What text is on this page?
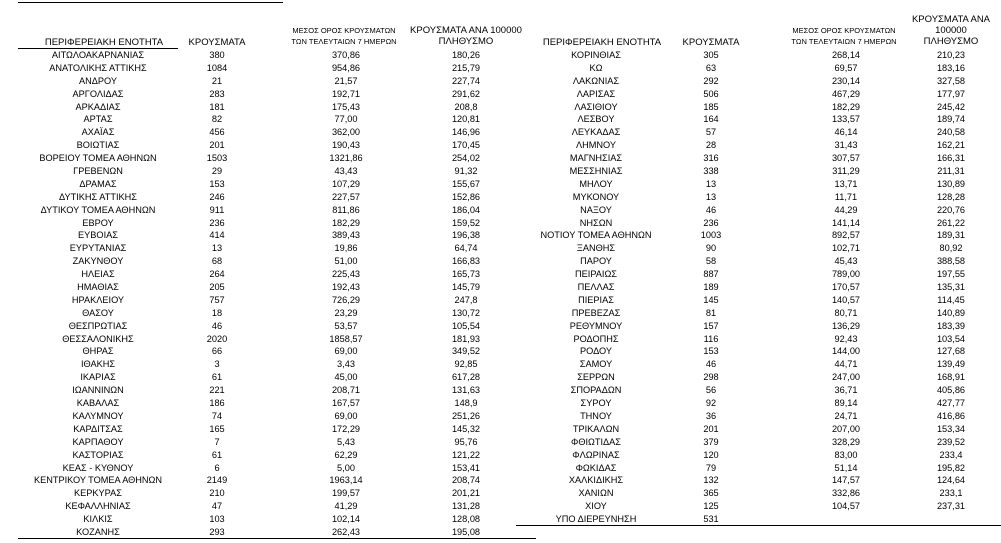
ΠΕΡΙΦΕΡΕΙΑΚΗ ΕΝΟΤΗΤΑ	ΚΡΟΥΣΜΑΤΑ
ΜΕΣΟΣ ΟΡΟΣ ΚΡΟΥΣΜΑΤΩΝ
ΤΩΝ ΤΕΛΕΥΤΑΙΩΝ 7 ΗΜΕΡΩΝ
ΚΡΟΥΣΜΑΤΑ ΑΝΑ 100000
ΠΛΗΘΥΣΜΟ
ΑΙΤΩΛΟΑΚΑΡΝΑΝΙΑΣ	380	370,86	180,26
ΑΝΑΤΟΛΙΚΗΣ ΑΤΤΙΚΗΣ	1084	954,86	215,79
ΑΝΔΡΟΥ	21	21,57	227,74
ΑΡΓΟΛΙΔΑΣ	283	192,71	291,62
ΑΡΚΑΔΙΑΣ	181	175,43	208,8
ΑΡΤΑΣ	82	77,00	120,81
ΑΧΑΪΑΣ	456	362,00	146,96
ΒΟΙΩΤΙΑΣ	201	190,43	170,45
ΒΟΡΕΙΟΥ ΤΟΜΕΑ ΑΘΗΝΩΝ	1503	1321,86	254,02
ΓΡΕΒΕΝΩΝ	29	43,43	91,32
ΔΡΑΜΑΣ	153	107,29	155,67
ΔΥΤΙΚΗΣ ΑΤΤΙΚΗΣ	246	227,57	152,86
ΔΥΤΙΚΟΥ ΤΟΜΕΑ ΑΘΗΝΩΝ	911	811,86	186,04
ΕΒΡΟΥ	236	182,29	159,52
ΕΥΒΟΙΑΣ	414	389,43	196,38
ΕΥΡΥΤΑΝΙΑΣ	13	19,86	64,74
ΖΑΚΥΝΘΟΥ	68	51,00	166,83
ΗΛΕΙΑΣ	264	225,43	165,73
ΗΜΑΘΙΑΣ	205	192,43	145,79
ΗΡΑΚΛΕΙΟΥ	757	726,29	247,8
ΘΑΣΟΥ	18	23,29	130,72
ΘΕΣΠΡΩΤΙΑΣ	46	53,57	105,54
ΘΕΣΣΑΛΟΝΙΚΗΣ	2020	1858,57	181,93
ΘΗΡΑΣ	66	69,00	349,52
ΙΘΑΚΗΣ	3	3,43	92,85
ΙΚΑΡΙΑΣ	61	45,00	617,28
ΙΩΑΝΝΙΝΩΝ	221	208,71	131,63
ΚΑΒΑΛΑΣ	186	167,57	148,9
ΚΑΛΥΜΝΟΥ	74	69,00	251,26
ΚΑΡΔΙΤΣΑΣ	165	172,29	145,32
ΚΑΡΠΑΘΟΥ	7	5,43	95,76
ΚΑΣΤΟΡΙΑΣ	61	62,29	121,22
ΚΕΑΣ - ΚΥΘΝΟΥ	6	5,00	153,41
ΚΕΝΤΡΙΚΟΥ ΤΟΜΕΑ ΑΘΗΝΩΝ	2149	1963,14	208,74
ΚΕΡΚΥΡΑΣ	210	199,57	201,21
ΚΕΦΑΛΛΗΝΙΑΣ	47	41,29	131,28
ΚΙΛΚΙΣ	103	102,14	128,08
ΚΟΖΑΝΗΣ	293	262,43	195,08
ΠΕΡΙΦΕΡΕΙΑΚΗ ΕΝΟΤΗΤΑ	ΚΡΟΥΣΜΑΤΑ
ΜΕΣΟΣ ΟΡΟΣ ΚΡΟΥΣΜΑΤΩΝ
ΤΩΝ ΤΕΛΕΥΤΑΙΩΝ 7 ΗΜΕΡΩΝ
ΚΡΟΥΣΜΑΤΑ ΑΝΑ 100000
ΠΛΗΘΥΣΜΟ
ΚΟΡΙΝΘΙΑΣ	305	268,14	210,23
ΚΩ	63	69,57	183,16
ΛΑΚΩΝΙΑΣ	292	230,14	327,58
ΛΑΡΙΣΑΣ	506	467,29	177,97
ΛΑΣΙΘΙΟΥ	185	182,29	245,42
ΛΕΣΒΟΥ	164	133,57	189,74
ΛΕΥΚΑΔΑΣ	57	46,14	240,58
ΛΗΜΝΟΥ	28	31,43	162,21
ΜΑΓΝΗΣΙΑΣ	316	307,57	166,31
ΜΕΣΣΗΝΙΑΣ	338	311,29	211,31
ΜΗΛΟΥ	13	13,71	130,89
ΜΥΚΟΝΟΥ	13	11,71	128,28
ΝΑΞΟΥ	46	44,29	220,76
ΝΗΣΩΝ	236	141,14	261,22
ΝΟΤΙΟΥ ΤΟΜΕΑ ΑΘΗΝΩΝ	1003	892,57	189,31
ΞΑΝΘΗΣ	90	102,71	80,92
ΠΑΡΟΥ	58	45,43	388,58
ΠΕΙΡΑΙΩΣ	887	789,00	197,55
ΠΕΛΛΑΣ	189	170,57	135,31
ΠΙΕΡΙΑΣ	145	140,57	114,45
ΠΡΕΒΕΖΑΣ	81	80,71	140,89
ΡΕΘΥΜΝΟΥ	157	136,29	183,39
ΡΟΔΟΠΗΣ	116	92,43	103,54
ΡΟΔΟΥ	153	144,00	127,68
ΣΑΜΟΥ	46	44,71	139,49
ΣΕΡΡΩΝ	298	247,00	168,91
ΣΠΟΡΑΔΩΝ	56	36,71	405,86
ΣΥΡΟΥ	92	89,14	427,77
ΤΗΝΟΥ	36	24,71	416,86
ΤΡΙΚΑΛΩΝ	201	207,00	153,34
ΦΘΙΩΤΙΔΑΣ	379	328,29	239,52
ΦΛΩΡΙΝΑΣ	120	83,00	233,4
ΦΩΚΙΔΑΣ	79	51,14	195,82
ΧΑΛΚΙΔΙΚΗΣ	132	147,57	124,64
ΧΑΝΙΩΝ	365	332,86	233,1
ΧΙΟΥ	125	104,57	237,31
ΥΠΟ ΔΙΕΡΕΥΝΗΣΗ	531
